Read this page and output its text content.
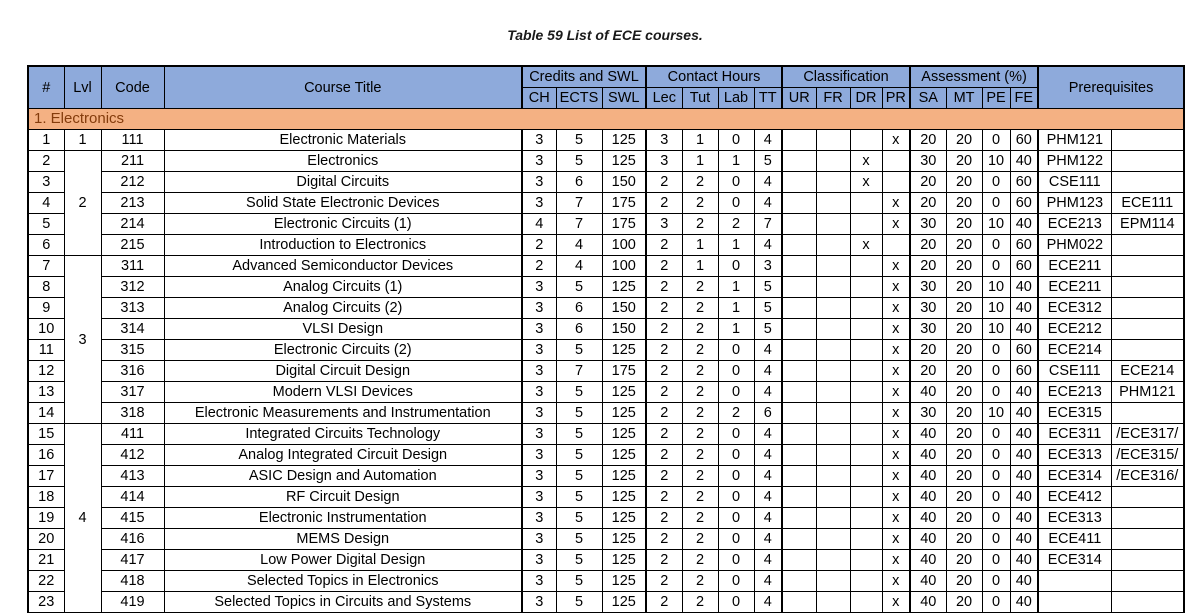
Table 59 List of ECE courses.
#	Lvl	Code	Course Title	Credits and SWL			Contact Hours				Classification				Assessment (%)				Prerequisites	
				CH	ECTS	SWL	Lec	Tut	Lab	TT	UR	FR	DR	PR	SA	MT	PE	FE		
1. Electronics																				
1	1	111	Electronic Materials	3	5	125	3	1	0	4				x	20	20	0	60	PHM121	
2	2	211	Electronics	3	5	125	3	1	1	5			x		30	20	10	40	PHM122	
3		212	Digital Circuits	3	6	150	2	2	0	4			x		20	20	0	60	CSE111	
4		213	Solid State Electronic Devices	3	7	175	2	2	0	4				x	20	20	0	60	PHM123	ECE111
5		214	Electronic Circuits (1)	4	7	175	3	2	2	7				x	30	20	10	40	ECE213	EPM114
6		215	Introduction to Electronics	2	4	100	2	1	1	4			x		20	20	0	60	PHM022	
7	3	311	Advanced Semiconductor Devices	2	4	100	2	1	0	3				x	20	20	0	60	ECE211	
8		312	Analog Circuits (1)	3	5	125	2	2	1	5				x	30	20	10	40	ECE211	
9		313	Analog Circuits (2)	3	6	150	2	2	1	5				x	30	20	10	40	ECE312	
10		314	VLSI Design	3	6	150	2	2	1	5				x	30	20	10	40	ECE212	
11		315	Electronic Circuits (2)	3	5	125	2	2	0	4				x	20	20	0	60	ECE214	
12		316	Digital Circuit Design	3	7	175	2	2	0	4				x	20	20	0	60	CSE111	ECE214
13		317	Modern VLSI Devices	3	5	125	2	2	0	4				x	40	20	0	40	ECE213	PHM121
14		318	Electronic Measurements and Instrumentation	3	5	125	2	2	2	6				x	30	20	10	40	ECE315	
15	4	411	Integrated Circuits Technology	3	5	125	2	2	0	4				x	40	20	0	40	ECE311	/ECE317/
16		412	Analog Integrated Circuit Design	3	5	125	2	2	0	4				x	40	20	0	40	ECE313	/ECE315/
17		413	ASIC Design and Automation	3	5	125	2	2	0	4				x	40	20	0	40	ECE314	/ECE316/
18		414	RF Circuit Design	3	5	125	2	2	0	4				x	40	20	0	40	ECE412	
19		415	Electronic Instrumentation	3	5	125	2	2	0	4				x	40	20	0	40	ECE313	
20		416	MEMS Design	3	5	125	2	2	0	4				x	40	20	0	40	ECE411	
21		417	Low Power Digital Design	3	5	125	2	2	0	4				x	40	20	0	40	ECE314	
22		418	Selected Topics in Electronics	3	5	125	2	2	0	4				x	40	20	0	40		
23		419	Selected Topics in Circuits and Systems	3	5	125	2	2	0	4				x	40	20	0	40		
